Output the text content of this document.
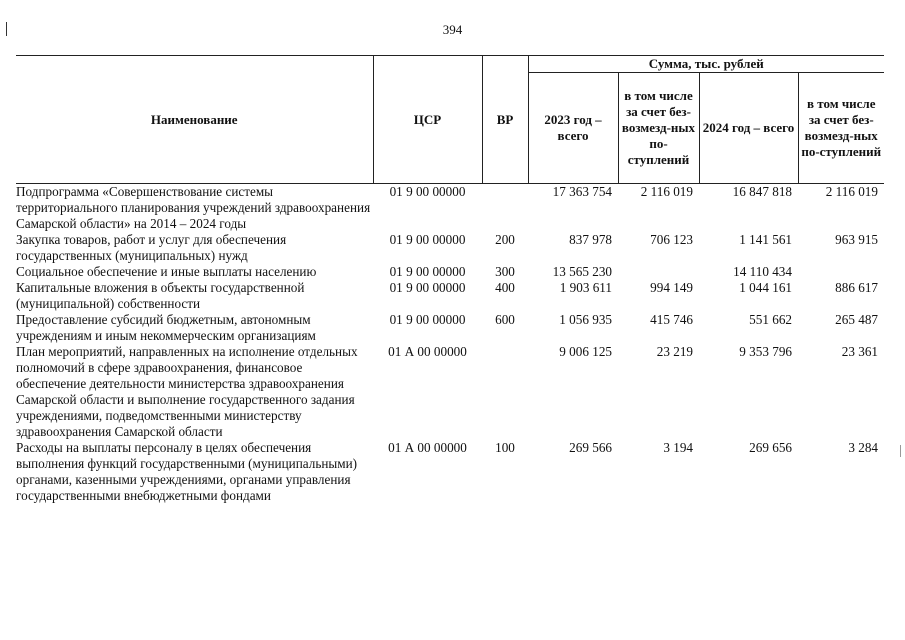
394
Наименование	ЦСР	ВР	Сумма, тыс. рублей			
			2023 год – всего	в том числе за счет без-возмезд-ных по-ступлений	2024 год – всего	в том числе за счет без-возмезд-ных по-ступлений
Подпрограмма «Совершенствование системы территориального планирования учреждений здравоохранения Самарской области» на 2014 – 2024 годы	01 9 00 00000		17 363 754	2 116 019	16 847 818	2 116 019
Закупка товаров, работ и услуг для обеспечения государственных (муниципальных) нужд	01 9 00 00000	200	837 978	706 123	1 141 561	963 915
Социальное обеспечение и иные выплаты населению	01 9 00 00000	300	13 565 230		14 110 434	
Капитальные вложения в объекты государственной (муниципальной) собственности	01 9 00 00000	400	1 903 611	994 149	1 044 161	886 617
Предоставление субсидий бюджетным, автономным учреждениям и иным некоммерческим организациям	01 9 00 00000	600	1 056 935	415 746	551 662	265 487
План мероприятий, направленных на исполнение отдельных полномочий в сфере здравоохранения, финансовое обеспечение деятельности министерства здравоохранения Самарской области и выполнение государственного задания учреждениями, подведомственными министерству здравоохранения Самарской области	01 А 00 00000		9 006 125	23 219	9 353 796	23 361
Расходы на выплаты персоналу в целях обеспечения выполнения функций государственными (муниципальными) органами, казенными учреждениями, органами управления государственными внебюджетными фондами	01 А 00 00000	100	269 566	3 194	269 656	3 284
